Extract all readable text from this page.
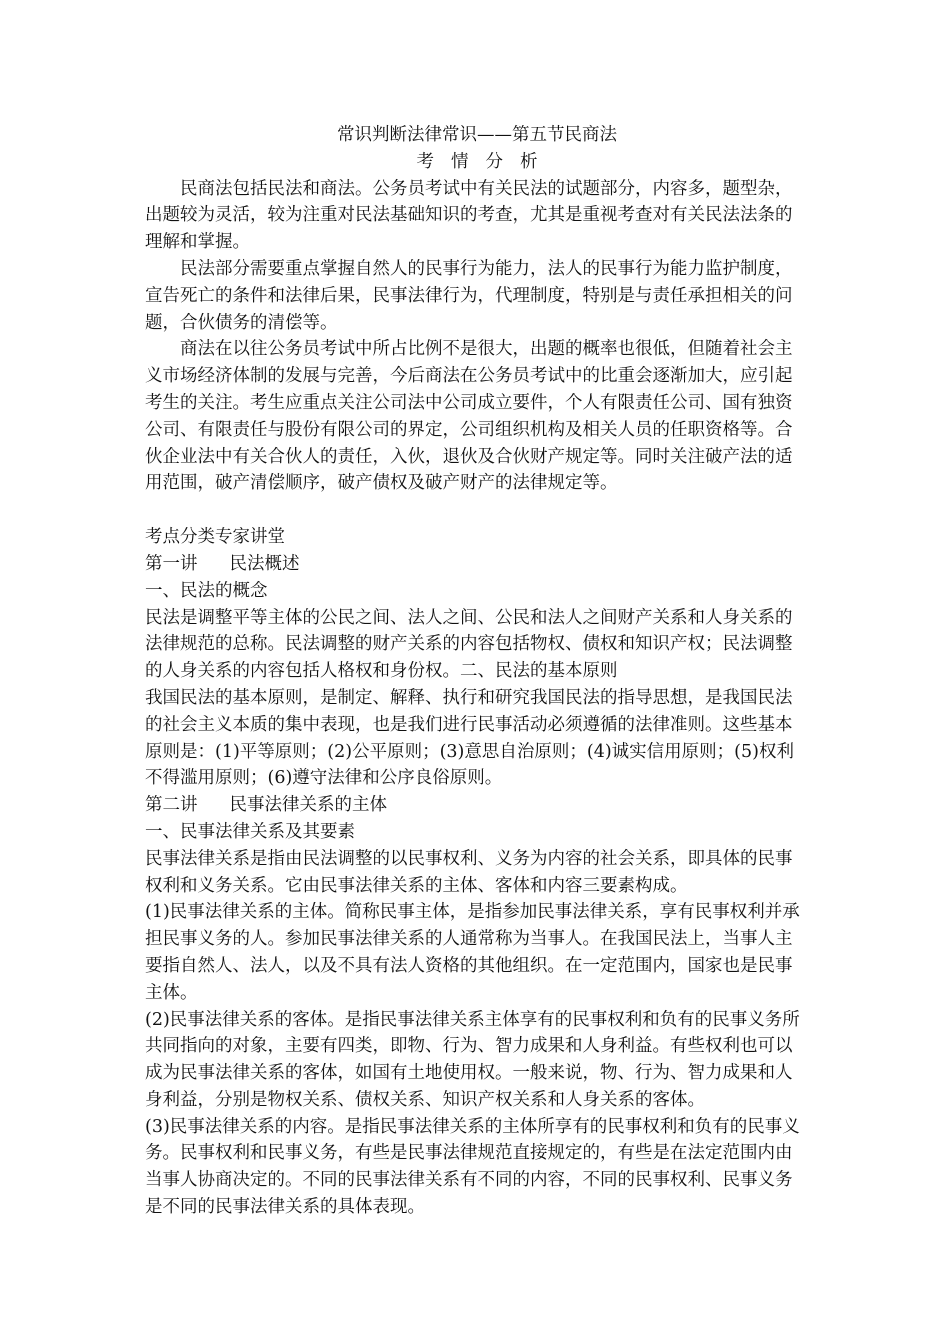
常识判断法律常识——第五节民商法

考情分析

民商法包括民法和商法。公务员考试中有关民法的试题部分，内容多，题型杂，出题较为灵活，较为注重对民法基础知识的考查，尤其是重视考查对有关民法法条的理解和掌握。

民法部分需要重点掌握自然人的民事行为能力，法人的民事行为能力监护制度，宣告死亡的条件和法律后果，民事法律行为，代理制度，特别是与责任承担相关的问题，合伙债务的清偿等。

商法在以往公务员考试中所占比例不是很大，出题的概率也很低，但随着社会主义市场经济体制的发展与完善，今后商法在公务员考试中的比重会逐渐加大，应引起考生的关注。考生应重点关注公司法中公司成立要件，个人有限责任公司、国有独资公司、有限责任与股份有限公司的界定，公司组织机构及相关人员的任职资格等。合伙企业法中有关合伙人的责任，入伙，退伙及合伙财产规定等。同时关注破产法的适用范围，破产清偿顺序，破产债权及破产财产的法律规定等。

考点分类专家讲堂

第一讲 民法概述

一、民法的概念

民法是调整平等主体的公民之间、法人之间、公民和法人之间财产关系和人身关系的法律规范的总称。民法调整的财产关系的内容包括物权、债权和知识产权；民法调整的人身关系的内容包括人格权和身份权。二、民法的基本原则

我国民法的基本原则，是制定、解释、执行和研究我国民法的指导思想，是我国民法的社会主义本质的集中表现，也是我们进行民事活动必须遵循的法律准则。这些基本原则是：(1)平等原则；(2)公平原则；(3)意思自治原则；(4)诚实信用原则；(5)权利不得滥用原则；(6)遵守法律和公序良俗原则。

第二讲 民事法律关系的主体

一、民事法律关系及其要素

民事法律关系是指由民法调整的以民事权利、义务为内容的社会关系，即具体的民事权利和义务关系。它由民事法律关系的主体、客体和内容三要素构成。

(1)民事法律关系的主体。简称民事主体，是指参加民事法律关系，享有民事权利并承担民事义务的人。参加民事法律关系的人通常称为当事人。在我国民法上，当事人主要指自然人、法人，以及不具有法人资格的其他组织。在一定范围内，国家也是民事主体。

(2)民事法律关系的客体。是指民事法律关系主体享有的民事权利和负有的民事义务所共同指向的对象，主要有四类，即物、行为、智力成果和人身利益。有些权利也可以成为民事法律关系的客体，如国有土地使用权。一般来说，物、行为、智力成果和人身利益，分别是物权关系、债权关系、知识产权关系和人身关系的客体。

(3)民事法律关系的内容。是指民事法律关系的主体所享有的民事权利和负有的民事义务。民事权利和民事义务，有些是民事法律规范直接规定的，有些是在法定范围内由当事人协商决定的。不同的民事法律关系有不同的内容，不同的民事权利、民事义务是不同的民事法律关系的具体表现。
